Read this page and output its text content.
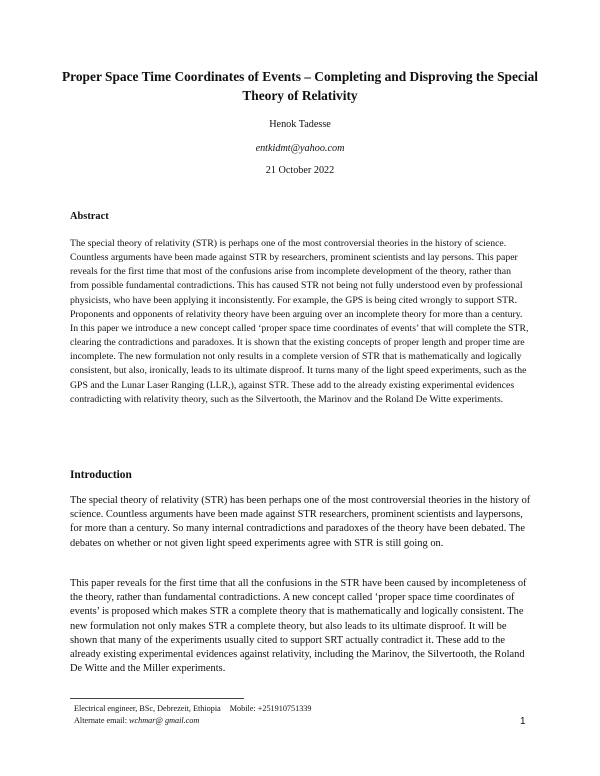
Proper Space Time Coordinates of Events – Completing and Disproving the Special Theory of Relativity

Henok Tadesse

entkidmt@yahoo.com

21 October 2022

Abstract

The special theory of relativity (STR) is perhaps one of the most controversial theories in the history of science. Countless arguments have been made against STR by researchers, prominent scientists and lay persons. This paper reveals for the first time that most of the confusions arise from incomplete development of the theory, rather than from possible fundamental contradictions. This has caused STR not being not fully understood even by professional physicists, who have been applying it inconsistently. For example, the GPS is being cited wrongly to support STR. Proponents and opponents of relativity theory have been arguing over an incomplete theory for more than a century. In this paper we introduce a new concept called ‘proper space time coordinates of events’ that will complete the STR, clearing the contradictions and paradoxes. It is shown that the existing concepts of proper length and proper time are incomplete. The new formulation not only results in a complete version of STR that is mathematically and logically consistent, but also, ironically, leads to its ultimate disproof. It turns many of the light speed experiments, such as the GPS and the Lunar Laser Ranging (LLR,), against STR. These add to the already existing experimental evidences contradicting with relativity theory, such as the Silvertooth, the Marinov and the Roland De Witte experiments.

Introduction

The special theory of relativity (STR) has been perhaps one of the most controversial theories in the history of science. Countless arguments have been made against STR researchers, prominent scientists and laypersons, for more than a century. So many internal contradictions and paradoxes of the theory have been debated. The debates on whether or not given light speed experiments agree with STR is still going on.

This paper reveals for the first time that all the confusions in the STR have been caused by incompleteness of the theory, rather than fundamental contradictions. A new concept called ‘proper space time coordinates of events’ is proposed which makes STR a complete theory that is mathematically and logically consistent. The new formulation not only makes STR a complete theory, but also leads to its ultimate disproof. It will be shown that many of the experiments usually cited to support SRT actually contradict it. These add to the already existing experimental evidences against relativity, including the Marinov, the Silvertooth, the Roland De Witte and the Miller experiments.

Electrical engineer, BSc, Debrezeit, Ethiopia Mobile: +251910751339
Alternate email: wchmar@ gmail.com	1
